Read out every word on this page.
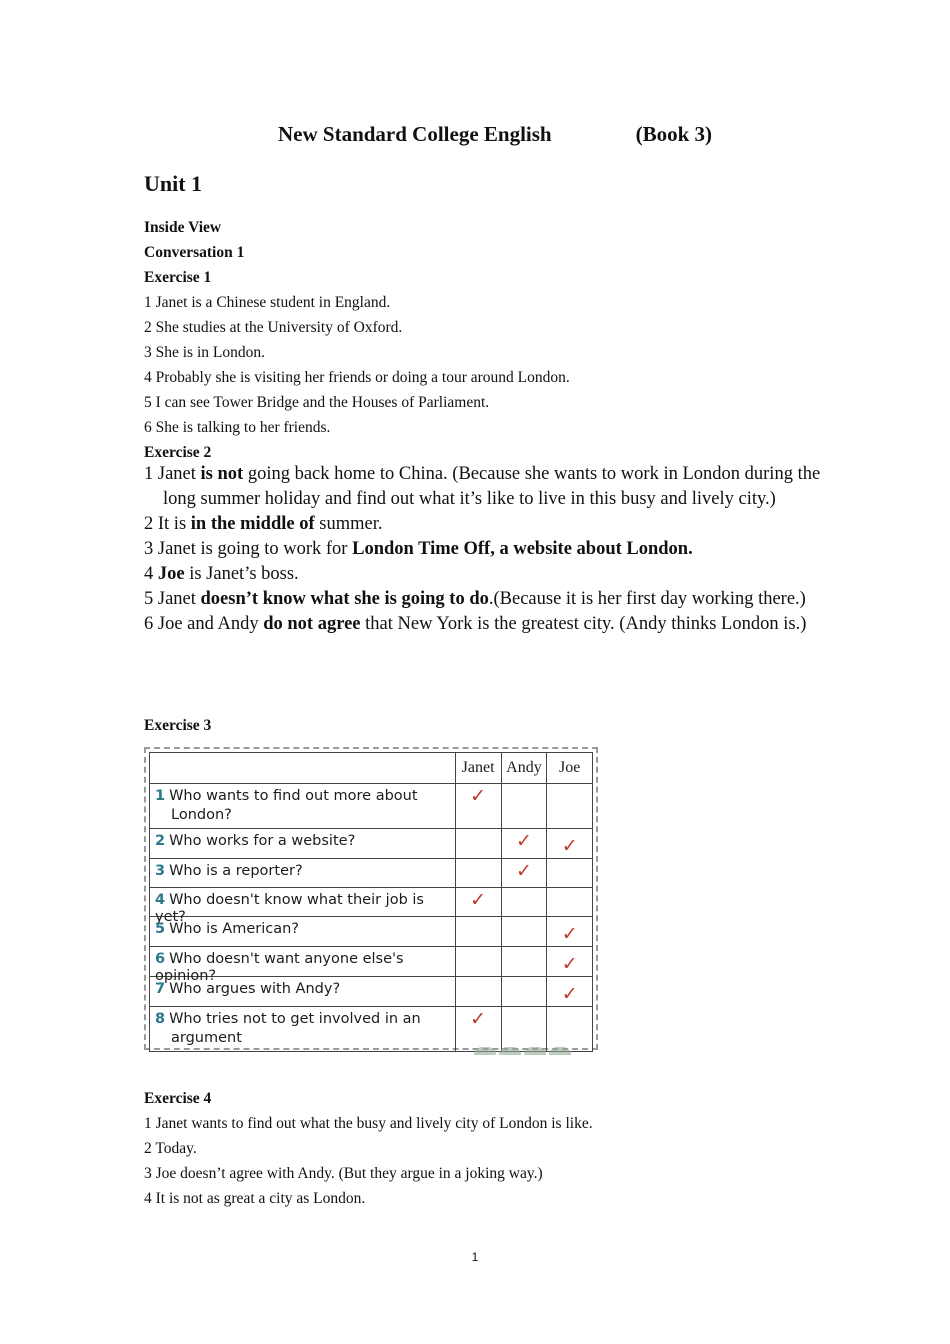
New Standard College English	(Book 3)
Unit 1
Inside View
Conversation 1
Exercise 1
1 Janet is a Chinese student in England.
2 She studies at the University of Oxford.
3 She is in London.
4 Probably she is visiting her friends or doing a tour around London.
5 I can see Tower Bridge and the Houses of Parliament.
6 She is talking to her friends.
Exercise 2
1 Janet is not going back home to China. (Because she wants to work in London during the long summer holiday and find out what it’s like to live in this busy and lively city.)
2 It is in the middle of summer.
3 Janet is going to work for London Time Off, a website about London.
4 Joe is Janet’s boss.
5 Janet doesn’t know what she is going to do.(Because it is her first day working there.)
6 Joe and Andy do not agree that New York is the greatest city. (Andy thinks London is.)
Exercise 3
	Janet	Andy	Joe
1 Who wants to find out more about
London?	✓		
2 Who works for a website?		✓	✓
3 Who is a reporter?		✓	
4 Who doesn't know what their job is
yet?	✓		
5 Who is American?			✓
6 Who doesn't want anyone else's
opinion?			✓
7 Who argues with Andy?			✓
8 Who tries not to get involved in an
argument	✓		
Exercise 4
1 Janet wants to find out what the busy and lively city of London is like.
2 Today.
3 Joe doesn’t agree with Andy. (But they argue in a joking way.)
4 It is not as great a city as London.
1
